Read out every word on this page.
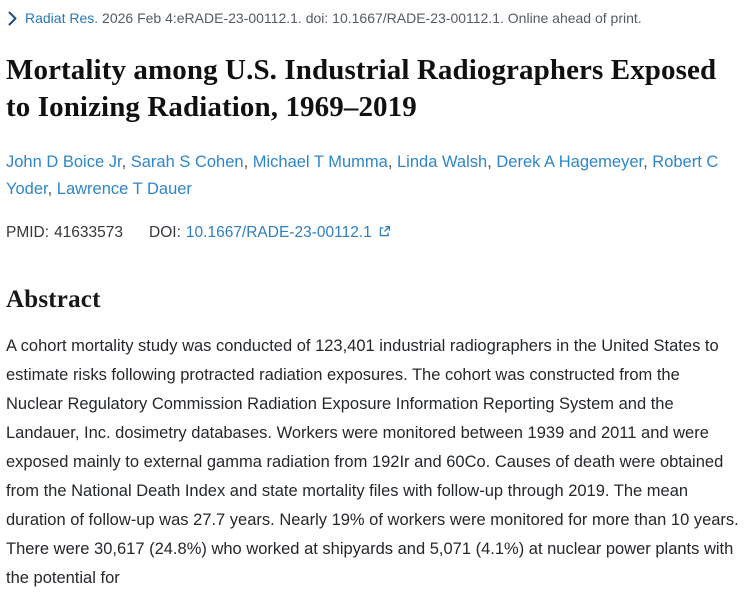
Radiat Res. 2026 Feb 4:eRADE-23-00112.1. doi: 10.1667/RADE-23-00112.1. Online ahead of print.
Mortality among U.S. Industrial Radiographers Exposed to Ionizing Radiation, 1969–2019
John D Boice Jr, Sarah S Cohen, Michael T Mumma, Linda Walsh, Derek A Hagemeyer, Robert C Yoder, Lawrence T Dauer
PMID: 41633573 DOI: 10.1667/RADE-23-00112.1
Abstract

A cohort mortality study was conducted of 123,401 industrial radiographers in the United States to estimate risks following protracted radiation exposures. The cohort was constructed from the Nuclear Regulatory Commission Radiation Exposure Information Reporting System and the Landauer, Inc. dosimetry databases. Workers were monitored between 1939 and 2011 and were exposed mainly to external gamma radiation from 192Ir and 60Co. Causes of death were obtained from the National Death Index and state mortality files with follow-up through 2019. The mean duration of follow-up was 27.7 years. Nearly 19% of workers were monitored for more than 10 years. There were 30,617 (24.8%) who worked at shipyards and 5,071 (4.1%) at nuclear power plants with the potential for
